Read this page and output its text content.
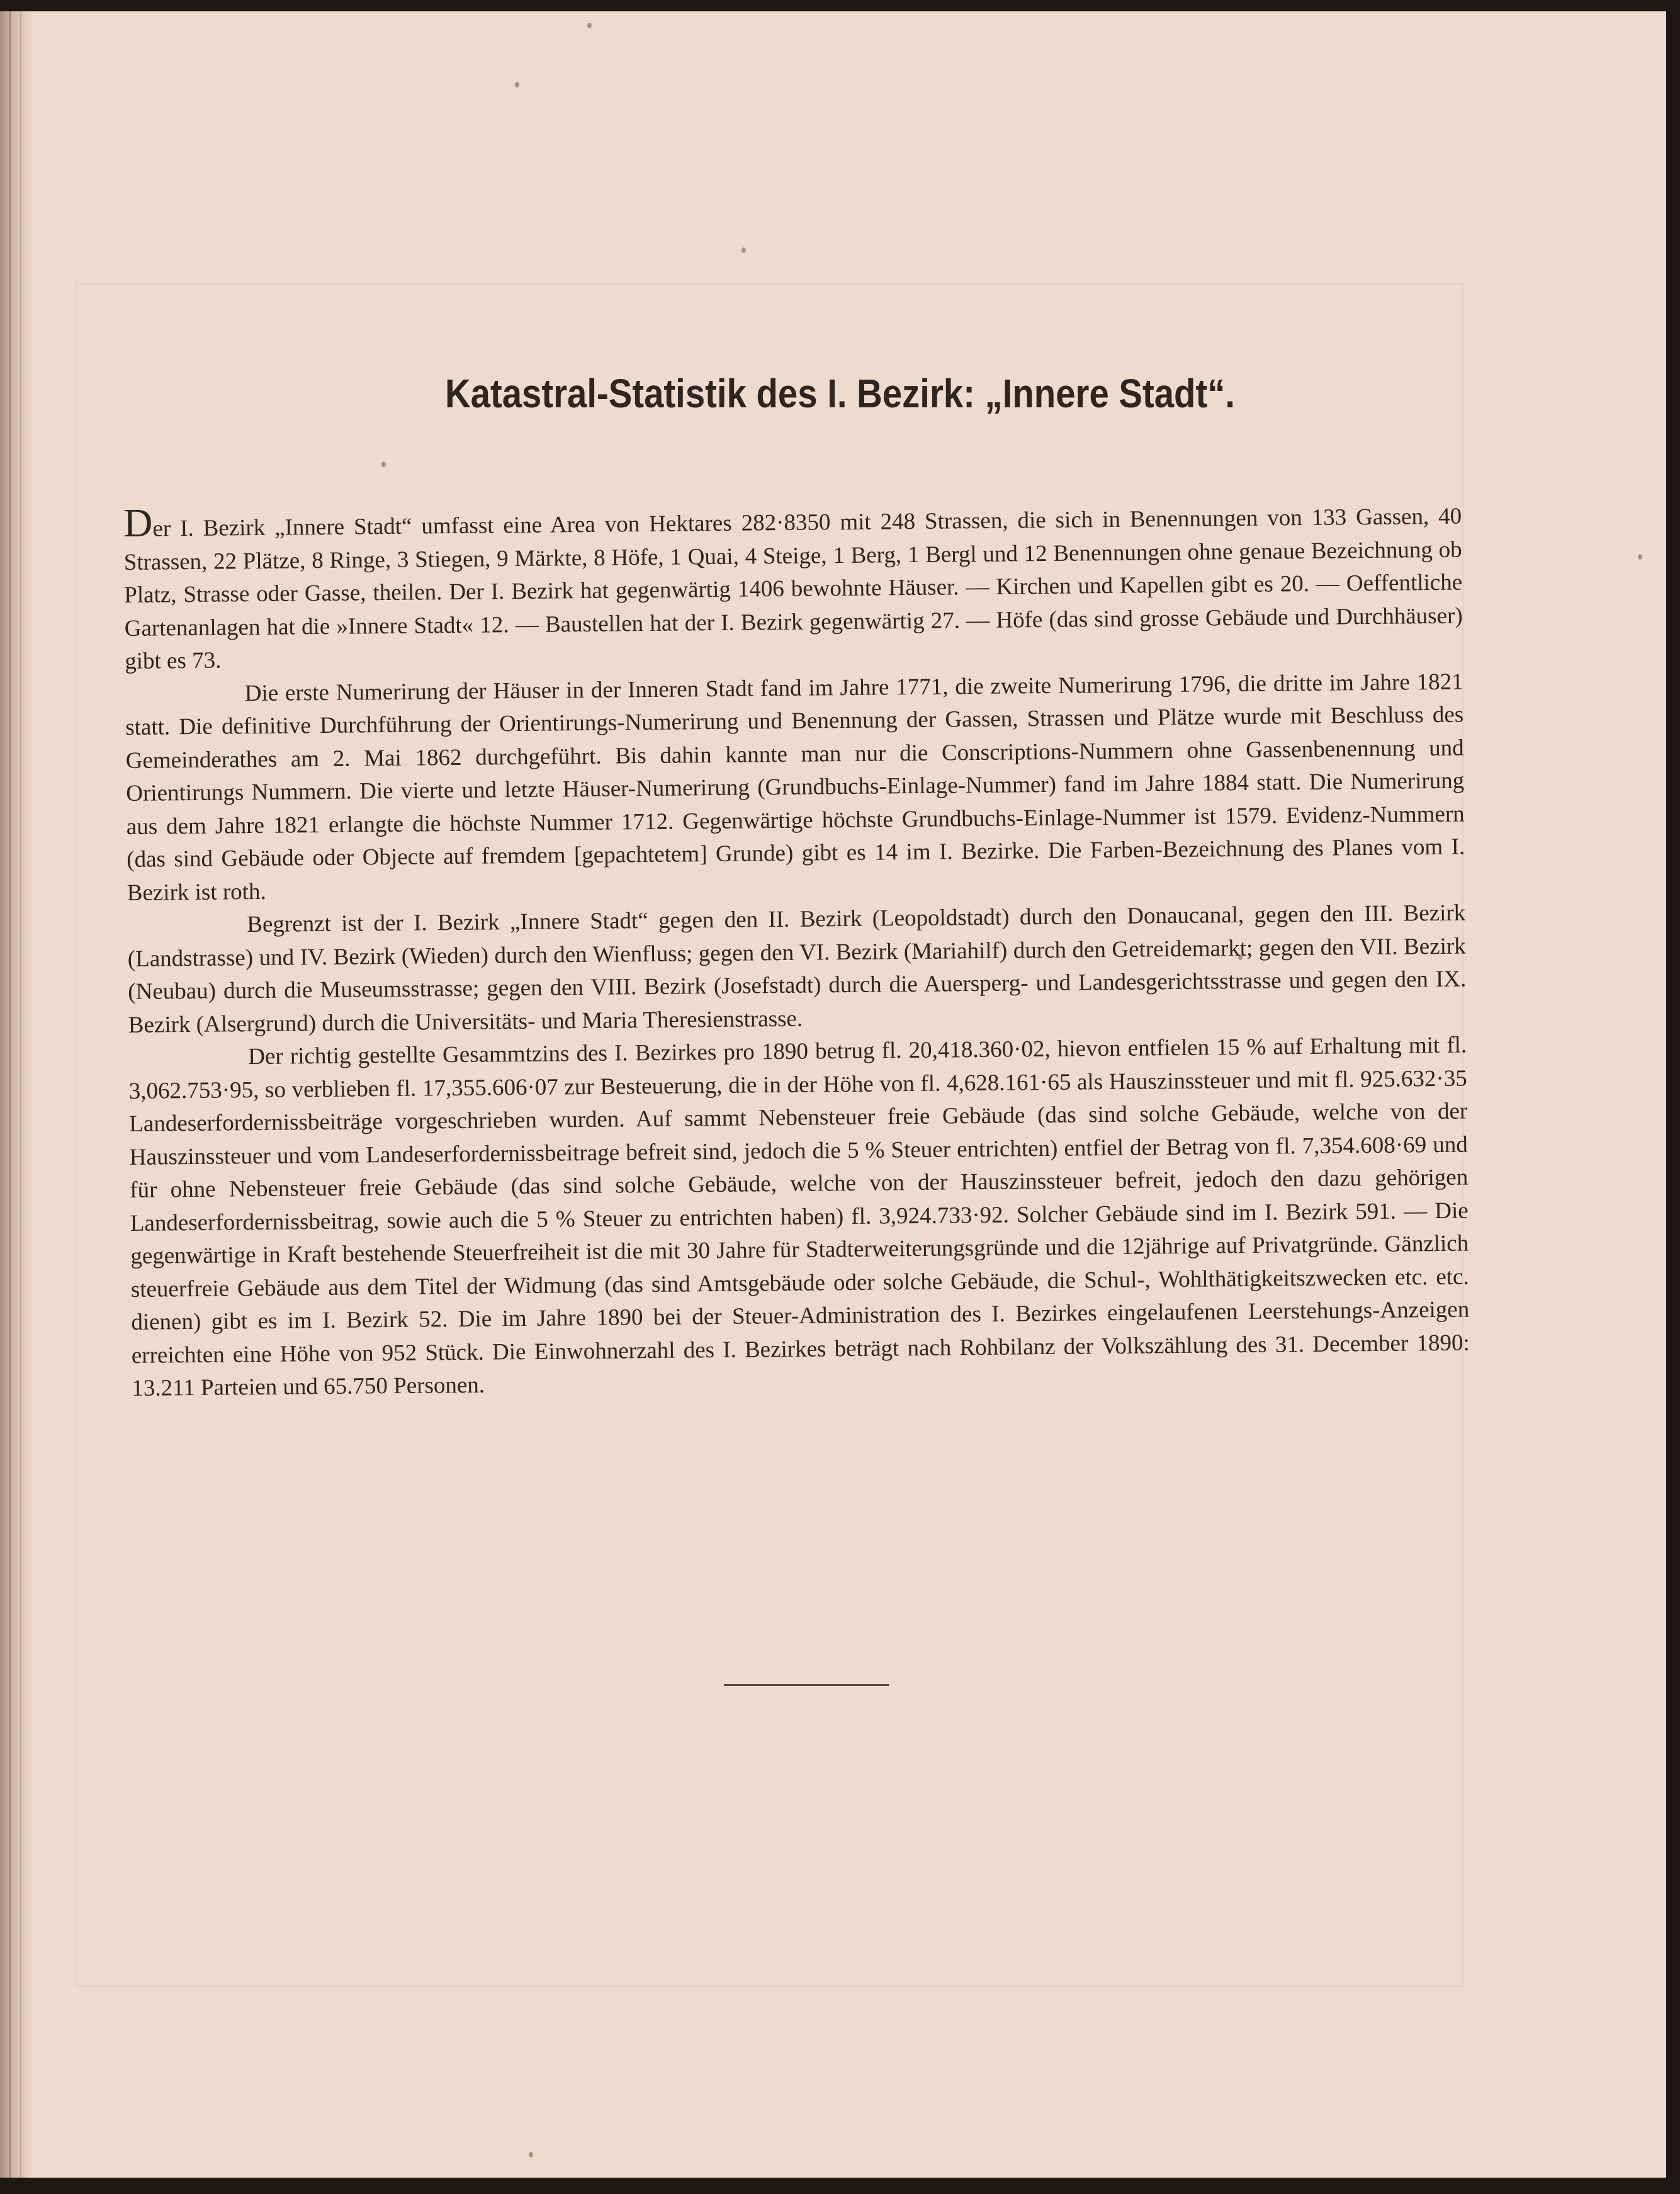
Katastral-Statistik des I. Bezirk: „Innere Stadt“.

Der I. Bezirk „Innere Stadt“ umfasst eine Area von Hektares 282·8350 mit 248 Strassen, die sich in Benennungen von 133 Gassen, 40 Strassen, 22 Plätze, 8 Ringe, 3 Stiegen, 9 Märkte, 8 Höfe, 1 Quai, 4 Steige, 1 Berg, 1 Bergl und 12 Benennungen ohne genaue Bezeichnung ob Platz, Strasse oder Gasse, theilen. Der I. Bezirk hat gegenwärtig 1406 bewohnte Häuser. — Kirchen und Kapellen gibt es 20. — Oeffentliche Gartenanlagen hat die »Innere Stadt« 12. — Baustellen hat der I. Bezirk gegenwärtig 27. — Höfe (das sind grosse Gebäude und Durchhäuser) gibt es 73.

Die erste Numerirung der Häuser in der Inneren Stadt fand im Jahre 1771, die zweite Numerirung 1796, die dritte im Jahre 1821 statt. Die definitive Durchführung der Orientirungs-Numerirung und Benennung der Gassen, Strassen und Plätze wurde mit Beschluss des Gemeinderathes am 2. Mai 1862 durchgeführt. Bis dahin kannte man nur die Conscriptions-Nummern ohne Gassenbenennung und Orientirungs Nummern. Die vierte und letzte Häuser-Numerirung (Grundbuchs-Einlage-Nummer) fand im Jahre 1884 statt. Die Numerirung aus dem Jahre 1821 erlangte die höchste Nummer 1712. Gegenwärtige höchste Grundbuchs-Einlage-Nummer ist 1579. Evidenz-Nummern (das sind Gebäude oder Objecte auf fremdem [gepachtetem] Grunde) gibt es 14 im I. Bezirke. Die Farben-Bezeichnung des Planes vom I. Bezirk ist roth.

Begrenzt ist der I. Bezirk „Innere Stadt“ gegen den II. Bezirk (Leopoldstadt) durch den Donaucanal, gegen den III. Bezirk (Landstrasse) und IV. Bezirk (Wieden) durch den Wienfluss; gegen den VI. Bezirk (Mariahilf) durch den Getreidemarkt; gegen den VII. Bezirk (Neubau) durch die Museumsstrasse; gegen den VIII. Bezirk (Josefstadt) durch die Auersperg- und Landesgerichtsstrasse und gegen den IX. Bezirk (Alsergrund) durch die Universitäts- und Maria Theresienstrasse.

Der richtig gestellte Gesammtzins des I. Bezirkes pro 1890 betrug fl. 20,418.360·02, hievon entfielen 15 % auf Erhaltung mit fl. 3,062.753·95, so verblieben fl. 17,355.606·07 zur Besteuerung, die in der Höhe von fl. 4,628.161·65 als Hauszinssteuer und mit fl. 925.632·35 Landeserfordernissbeiträge vorgeschrieben wurden. Auf sammt Nebensteuer freie Gebäude (das sind solche Gebäude, welche von der Hauszinssteuer und vom Landeserfordernissbeitrage befreit sind, jedoch die 5 % Steuer entrichten) entfiel der Betrag von fl. 7,354.608·69 und für ohne Nebensteuer freie Gebäude (das sind solche Gebäude, welche von der Hauszinssteuer befreit, jedoch den dazu gehörigen Landeserfordernissbeitrag, sowie auch die 5 % Steuer zu entrichten haben) fl. 3,924.733·92. Solcher Gebäude sind im I. Bezirk 591. — Die gegenwärtige in Kraft bestehende Steuerfreiheit ist die mit 30 Jahre für Stadterweiterungsgründe und die 12jährige auf Privatgründe. Gänzlich steuerfreie Gebäude aus dem Titel der Widmung (das sind Amtsgebäude oder solche Gebäude, die Schul-, Wohlthätigkeitszwecken etc. etc. dienen) gibt es im I. Bezirk 52. Die im Jahre 1890 bei der Steuer-Administration des I. Bezirkes eingelaufenen Leerstehungs-Anzeigen erreichten eine Höhe von 952 Stück. Die Einwohnerzahl des I. Bezirkes beträgt nach Rohbilanz der Volkszählung des 31. December 1890: 13.211 Parteien und 65.750 Personen.
